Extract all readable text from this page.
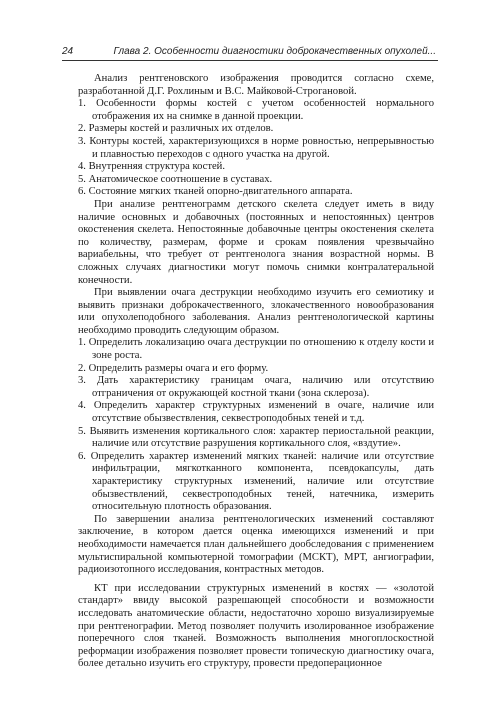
24	Глава 2. Особенности диагностики доброкачественных опухолей...

Анализ рентгеновского изображения проводится согласно схеме, разработанной Д.Г. Рохлиным и В.С. Майковой-Строгановой.

1. Особенности формы костей с учетом особенностей нормального отображения их на снимке в данной проекции.

2. Размеры костей и различных их отделов.

3. Контуры костей, характеризующихся в норме ровностью, непрерывностью и плавностью переходов с одного участка на другой.

4. Внутренняя структура костей.

5. Анатомическое соотношение в суставах.

6. Состояние мягких тканей опорно-двигательного аппарата.

При анализе рентгенограмм детского скелета следует иметь в виду наличие основных и добавочных (постоянных и непостоянных) центров окостенения скелета. Непостоянные добавочные центры окостенения скелета по количеству, размерам, форме и срокам появления чрезвычайно вариабельны, что требует от рентгенолога знания возрастной нормы. В сложных случаях диагностики могут помочь снимки контралатеральной конечности.

При выявлении очага деструкции необходимо изучить его семиотику и выявить признаки доброкачественного, злокачественного новообразования или опухолеподобного заболевания. Анализ рентгенологической картины необходимо проводить следующим образом.

1. Определить локализацию очага деструкции по отношению к отделу кости и зоне роста.

2. Определить размеры очага и его форму.

3. Дать характеристику границам очага, наличию или отсутствию отграничения от окружающей костной ткани (зона склероза).

4. Определить характер структурных изменений в очаге, наличие или отсутствие обызвествления, секвестроподобных теней и т.д.

5. Выявить изменения кортикального слоя: характер периостальной реакции, наличие или отсутствие разрушения кортикального слоя, «вздутие».

6. Определить характер изменений мягких тканей: наличие или отсутствие инфильтрации, мягкотканного компонента, псевдокапсулы, дать характеристику структурных изменений, наличие или отсутствие обызвествлений, секвестроподобных теней, натечника, измерить относительную плотность образования.

По завершении анализа рентгенологических изменений составляют заключение, в котором дается оценка имеющихся изменений и при необходимости намечается план дальнейшего дообследования с применением мультиспиральной компьютерной томографии (МСКТ), МРТ, ангиографии, радиоизотопного исследования, контрастных методов.

КТ при исследовании структурных изменений в костях — «золотой стандарт» ввиду высокой разрешающей способности и возможности исследовать анатомические области, недостаточно хорошо визуализируемые при рентгенографии. Метод позволяет получить изолированное изображение поперечного слоя тканей. Возможность выполнения многоплоскостной реформации изображения позволяет провести топическую диагностику очага, более детально изучить его структуру, провести предоперационное
